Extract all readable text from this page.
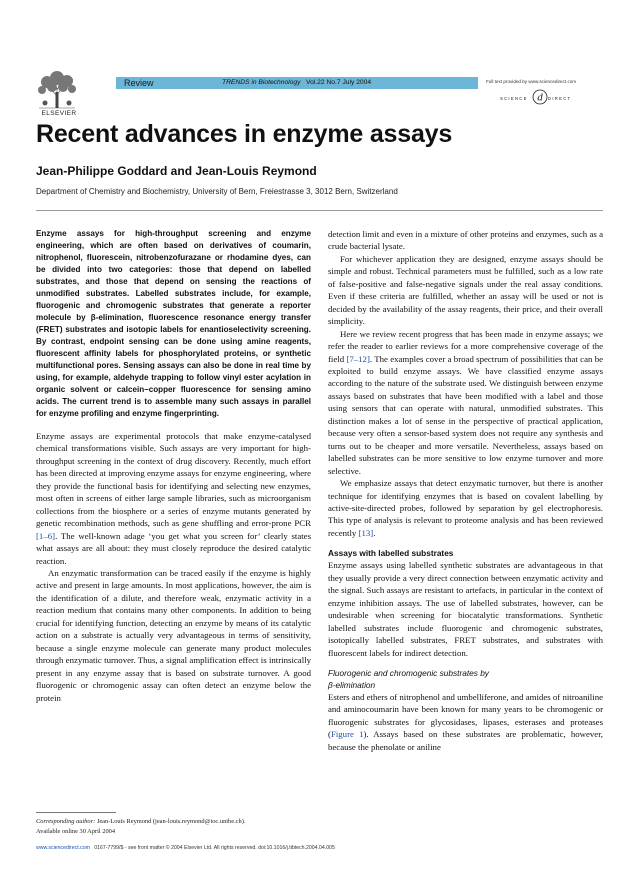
ELSEVIER
Review	TRENDS in Biotechnology Vol.22 No.7 July 2004	Full text provided by www.sciencedirect.com
SCIENCE d DIRECT
Recent advances in enzyme assays
Jean-Philippe Goddard and Jean-Louis Reymond
Department of Chemistry and Biochemistry, University of Bern, Freiestrasse 3, 3012 Bern, Switzerland

Enzyme assays for high-throughput screening and enzyme engineering, which are often based on derivatives of coumarin, nitrophenol, fluorescein, nitrobenzofurazane or rhodamine dyes, can be divided into two categories: those that depend on labelled substrates, and those that depend on sensing the reactions of unmodified substrates. Labelled substrates include, for example, fluorogenic and chromogenic substrates that generate a reporter molecule by β-elimination, fluorescence resonance energy transfer (FRET) substrates and isotopic labels for enantioselectivity screening. By contrast, endpoint sensing can be done using amine reagents, fluorescent affinity labels for phosphorylated proteins, or synthetic multifunctional pores. Sensing assays can also be done in real time by using, for example, aldehyde trapping to follow vinyl ester acylation in organic solvent or calcein–copper fluorescence for sensing amino acids. The current trend is to assemble many such assays in parallel for enzyme profiling and enzyme fingerprinting.

Enzyme assays are experimental protocols that make enzyme-catalysed chemical transformations visible. Such assays are very important for high-throughput screening in the context of drug discovery. Recently, much effort has been directed at improving enzyme assays for enzyme engineering, where they provide the functional basis for identifying and selecting new enzymes, most often in screens of either large sample libraries, such as microorganism collections from the biosphere or a series of enzyme mutants generated by genetic recombination methods, such as gene shuffling and error-prone PCR [1–6]. The well-known adage ‘you get what you screen for’ clearly states what assays are all about: they must closely reproduce the desired catalytic reaction.

An enzymatic transformation can be traced easily if the enzyme is highly active and present in large amounts. In most applications, however, the aim is the identification of a dilute, and therefore weak, enzymatic activity in a reaction medium that contains many other components. In addition to being crucial for identifying function, detecting an enzyme by means of its catalytic action on a substrate is actually very advantageous in terms of sensitivity, because a single enzyme molecule can generate many product molecules through enzymatic turnover. Thus, a signal amplification effect is intrinsically present in any enzyme assay that is based on substrate turnover. A good fluorogenic or chromogenic assay can often detect an enzyme below the protein

detection limit and even in a mixture of other proteins and enzymes, such as a crude bacterial lysate.

For whichever application they are designed, enzyme assays should be simple and robust. Technical parameters must be fulfilled, such as a low rate of false-positive and false-negative signals under the real assay conditions. Even if these criteria are fulfilled, whether an assay will be used or not is decided by the availability of the assay reagents, their price, and their overall simplicity.

Here we review recent progress that has been made in enzyme assays; we refer the reader to earlier reviews for a more comprehensive coverage of the field [7–12]. The examples cover a broad spectrum of possibilities that can be exploited to build enzyme assays. We have classified enzyme assays according to the nature of the substrate used. We distinguish between enzyme assays based on substrates that have been modified with a label and those using sensors that can operate with natural, unmodified substrates. This distinction makes a lot of sense in the perspective of practical application, because very often a sensor-based system does not require any synthesis and turns out to be cheaper and more versatile. Nevertheless, assays based on labelled substrates can be more sensitive to low enzyme turnover and more selective.

We emphasize assays that detect enzymatic turnover, but there is another technique for identifying enzymes that is based on covalent labelling by active-site-directed probes, followed by separation by gel electrophoresis. This type of analysis is relevant to proteome analysis and has been reviewed recently [13].

Assays with labelled substrates

Enzyme assays using labelled synthetic substrates are advantageous in that they usually provide a very direct connection between enzymatic activity and the signal. Such assays are resistant to artefacts, in particular in the context of enzyme inhibition assays. The use of labelled substrates, however, can be undesirable when screening for biocatalytic transformations. Synthetic labelled substrates include fluorogenic and chromogenic substrates, isotopically labelled substrates, FRET substrates, and substrates with fluorescent labels for indirect detection.

Fluorogenic and chromogenic substrates by
β-elimination

Esters and ethers of nitrophenol and umbelliferone, and amides of nitroaniline and aminocoumarin have been known for many years to be chromogenic or fluorogenic substrates for glycosidases, lipases, esterases and proteases (Figure 1). Assays based on these substrates are problematic, however, because the phenolate or aniline

Corresponding author: Jean-Louis Reymond (jean-louis.reymond@ioc.unibe.ch).
Available online 30 April 2004
www.sciencedirect.com 0167-7799/$ - see front matter © 2004 Elsevier Ltd. All rights reserved. doi:10.1016/j.tibtech.2004.04.005
